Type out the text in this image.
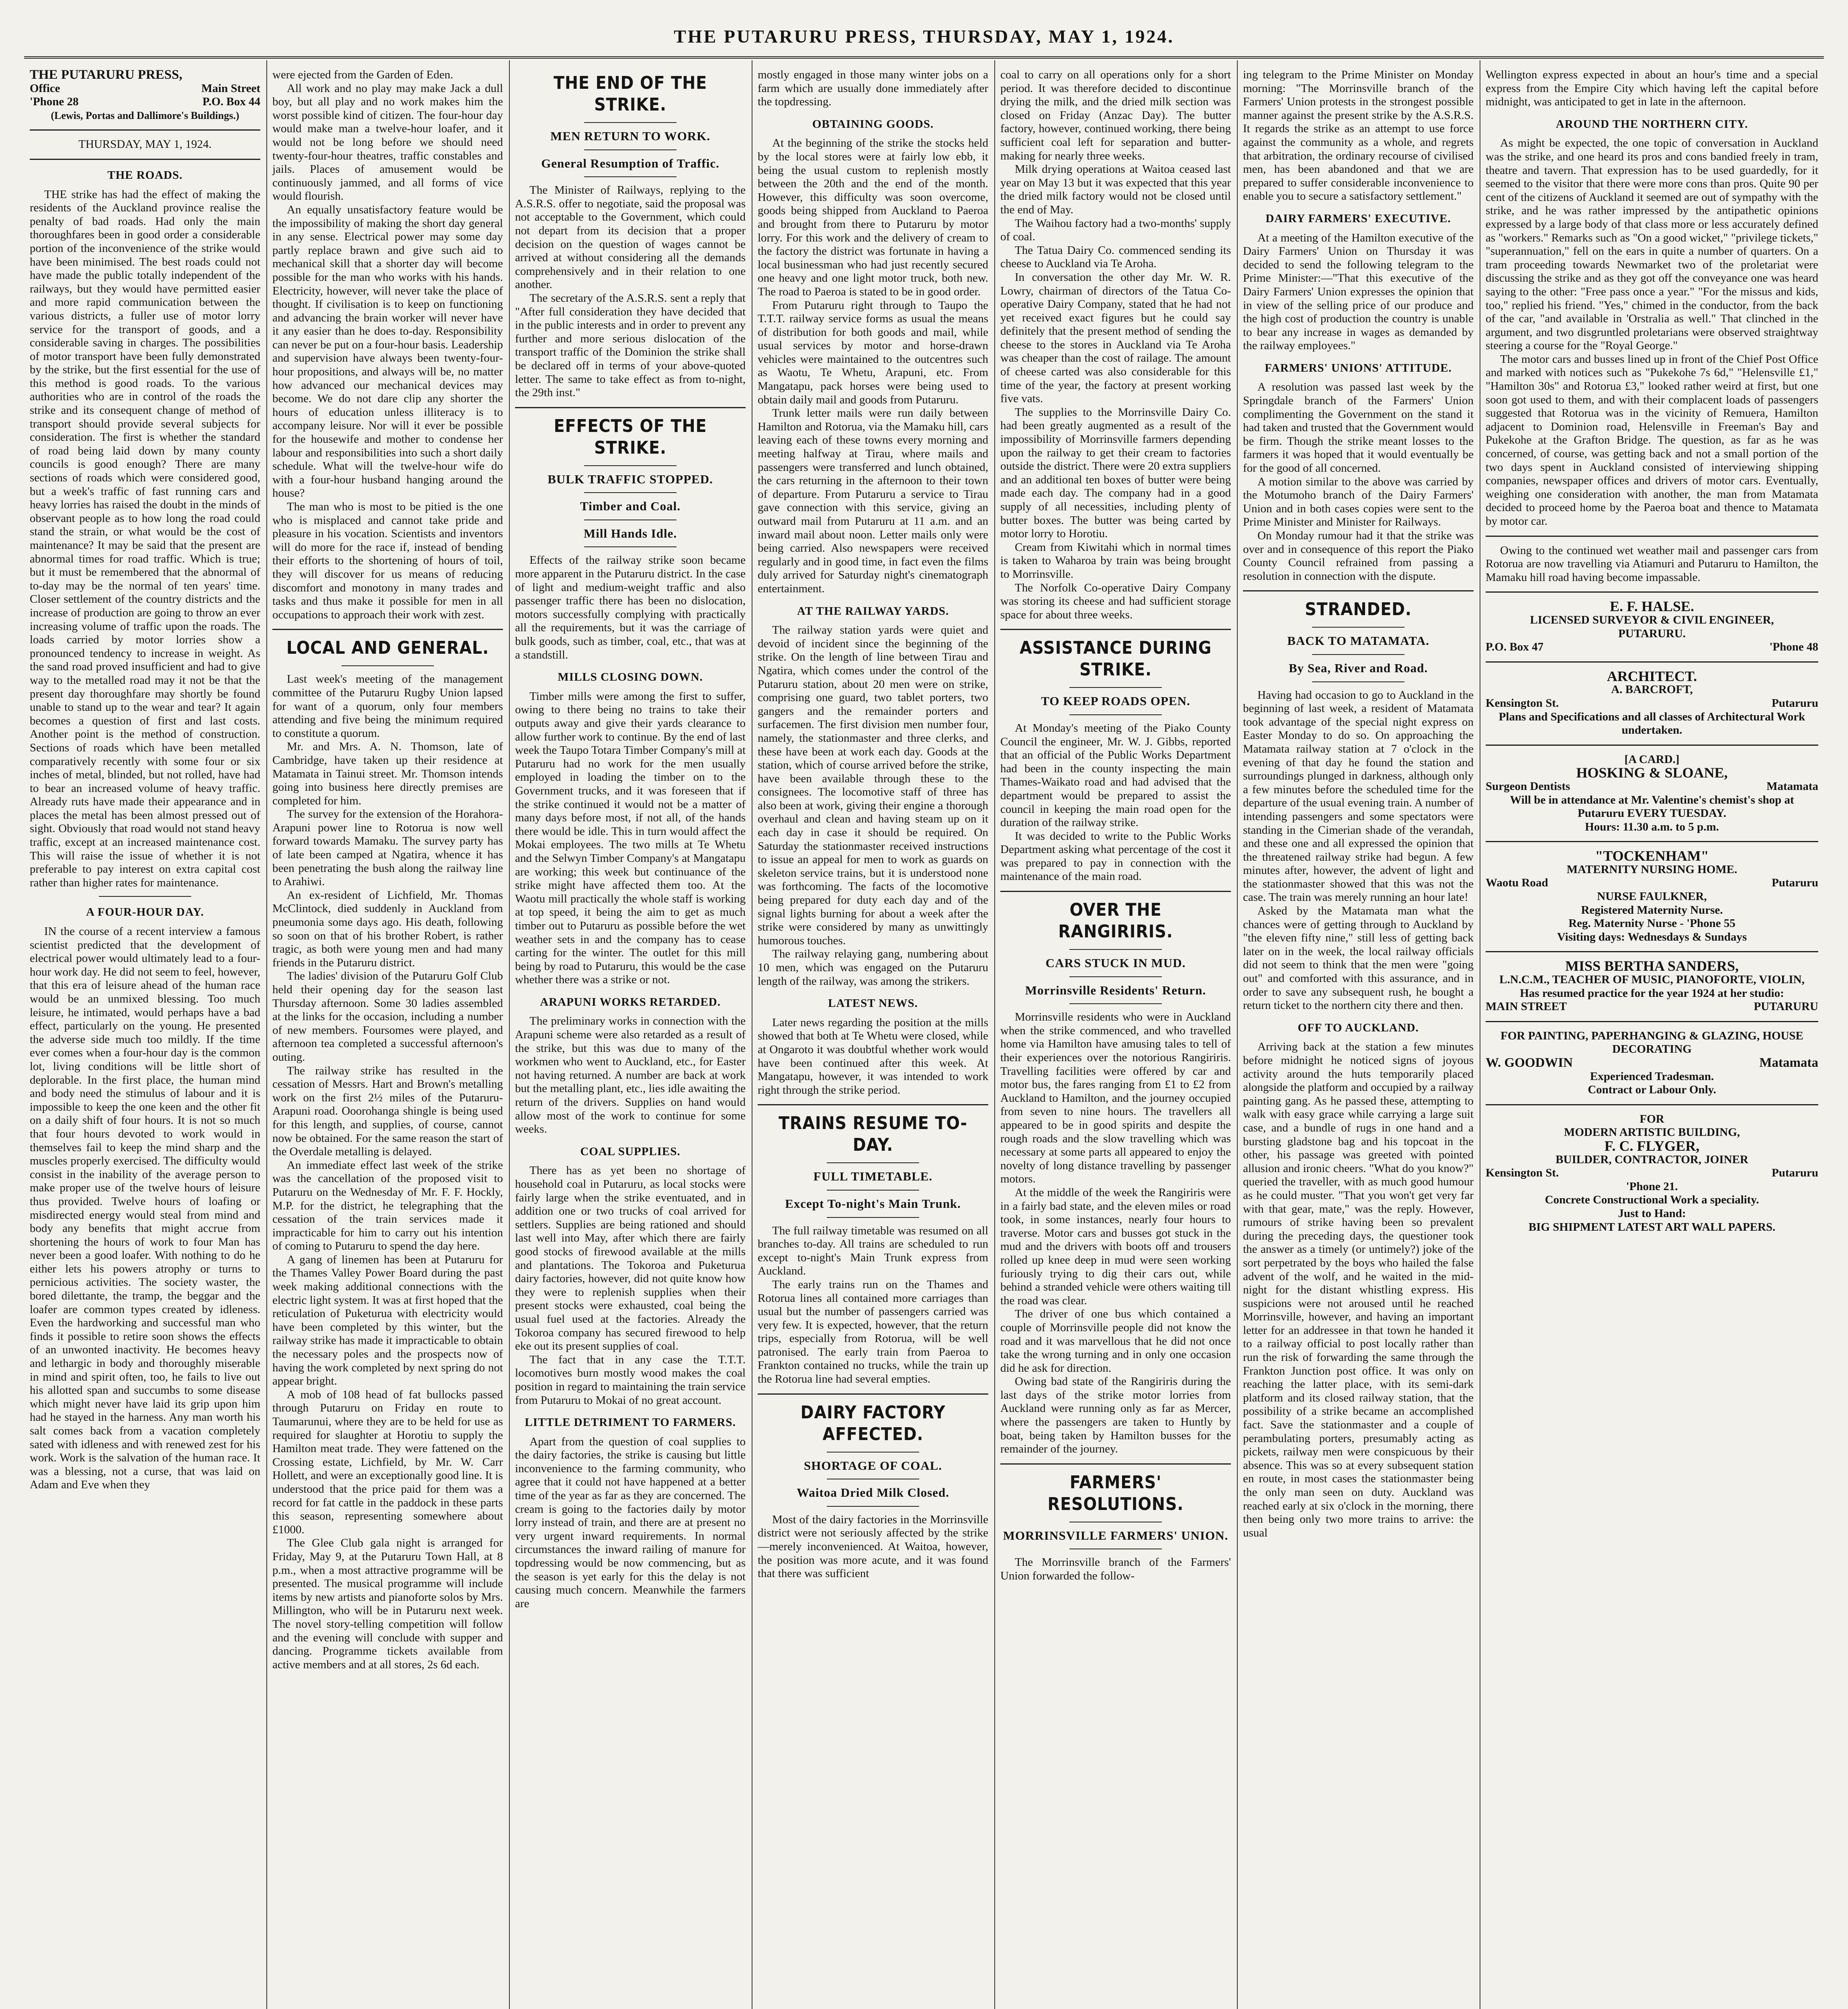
THE PUTARURU PRESS, THURSDAY, MAY 1, 1924.
THE PUTARURU PRESS,
Office	Main Street
'Phone 28	P.O. Box 44
(Lewis, Portas and Dallimore's Buildings.)
THURSDAY, MAY 1, 1924.
THE ROADS.

THE strike has had the effect of making the residents of the Auckland province realise the penalty of bad roads. Had only the main thoroughfares been in good order a considerable portion of the inconvenience of the strike would have been minimised. The best roads could not have made the public totally independent of the railways, but they would have permitted easier and more rapid communication between the various districts, a fuller use of motor lorry service for the transport of goods, and a considerable saving in charges. The possibilities of motor transport have been fully demonstrated by the strike, but the first essential for the use of this method is good roads. To the various authorities who are in control of the roads the strike and its consequent change of method of transport should provide several subjects for consideration. The first is whether the standard of road being laid down by many county councils is good enough? There are many sections of roads which were considered good, but a week's traffic of fast running cars and heavy lorries has raised the doubt in the minds of observant people as to how long the road could stand the strain, or what would be the cost of maintenance? It may be said that the present are abnormal times for road traffic. Which is true; but it must be remembered that the abnormal of to-day may be the normal of ten years' time. Closer settlement of the country districts and the increase of production are going to throw an ever increasing volume of traffic upon the roads. The loads carried by motor lorries show a pronounced tendency to increase in weight. As the sand road proved insufficient and had to give way to the metalled road may it not be that the present day thoroughfare may shortly be found unable to stand up to the wear and tear? It again becomes a question of first and last costs. Another point is the method of construction. Sections of roads which have been metalled comparatively recently with some four or six inches of metal, blinded, but not rolled, have had to bear an increased volume of heavy traffic. Already ruts have made their appearance and in places the metal has been almost pressed out of sight. Obviously that road would not stand heavy traffic, except at an increased maintenance cost. This will raise the issue of whether it is not preferable to pay interest on extra capital cost rather than higher rates for maintenance.

A FOUR-HOUR DAY.

IN the course of a recent interview a famous scientist predicted that the development of electrical power would ultimately lead to a four-hour work day. He did not seem to feel, however, that this era of leisure ahead of the human race would be an unmixed blessing. Too much leisure, he intimated, would perhaps have a bad effect, particularly on the young. He presented the adverse side much too mildly. If the time ever comes when a four-hour day is the common lot, living conditions will be little short of deplorable. In the first place, the human mind and body need the stimulus of labour and it is impossible to keep the one keen and the other fit on a daily shift of four hours. It is not so much that four hours devoted to work would in themselves fail to keep the mind sharp and the muscles properly exercised. The difficulty would consist in the inability of the average person to make proper use of the twelve hours of leisure thus provided. Twelve hours of loafing or misdirected energy would steal from mind and body any benefits that might accrue from shortening the hours of work to four Man has never been a good loafer. With nothing to do he either lets his powers atrophy or turns to pernicious activities. The society waster, the bored dilettante, the tramp, the beggar and the loafer are common types created by idleness. Even the hardworking and successful man who finds it possible to retire soon shows the effects of an unwonted inactivity. He becomes heavy and lethargic in body and thoroughly miserable in mind and spirit often, too, he fails to live out his allotted span and succumbs to some disease which might never have laid its grip upon him had he stayed in the harness. Any man worth his salt comes back from a vacation completely sated with idleness and with renewed zest for his work. Work is the salvation of the human race. It was a blessing, not a curse, that was laid on Adam and Eve when they

were ejected from the Garden of Eden.

All work and no play may make Jack a dull boy, but all play and no work makes him the worst possible kind of citizen. The four-hour day would make man a twelve-hour loafer, and it would not be long before we should need twenty-four-hour theatres, traffic constables and jails. Places of amusement would be continuously jammed, and all forms of vice would flourish.

An equally unsatisfactory feature would be the impossibility of making the short day general in any sense. Electrical power may some day partly replace brawn and give such aid to mechanical skill that a shorter day will become possible for the man who works with his hands. Electricity, however, will never take the place of thought. If civilisation is to keep on functioning and advancing the brain worker will never have it any easier than he does to-day. Responsibility can never be put on a four-hour basis. Leadership and supervision have always been twenty-four-hour propositions, and always will be, no matter how advanced our mechanical devices may become. We do not dare clip any shorter the hours of education unless illiteracy is to accompany leisure. Nor will it ever be possible for the housewife and mother to condense her labour and responsibilities into such a short daily schedule. What will the twelve-hour wife do with a four-hour husband hanging around the house?

The man who is most to be pitied is the one who is misplaced and cannot take pride and pleasure in his vocation. Scientists and inventors will do more for the race if, instead of bending their efforts to the shortening of hours of toil, they will discover for us means of reducing discomfort and monotony in many trades and tasks and thus make it possible for men in all occupations to approach their work with zest.

LOCAL AND GENERAL.

Last week's meeting of the management committee of the Putaruru Rugby Union lapsed for want of a quorum, only four members attending and five being the minimum required to constitute a quorum.

Mr. and Mrs. A. N. Thomson, late of Cambridge, have taken up their residence at Matamata in Tainui street. Mr. Thomson intends going into business here directly premises are completed for him.

The survey for the extension of the Horahora-Arapuni power line to Rotorua is now well forward towards Mamaku. The survey party has of late been camped at Ngatira, whence it has been penetrating the bush along the railway line to Arahiwi.

An ex-resident of Lichfield, Mr. Thomas McClintock, died suddenly in Auckland from pneumonia some days ago. His death, following so soon on that of his brother Robert, is rather tragic, as both were young men and had many friends in the Putaruru district.

The ladies' division of the Putaruru Golf Club held their opening day for the season last Thursday afternoon. Some 30 ladies assembled at the links for the occasion, including a number of new members. Foursomes were played, and afternoon tea completed a successful afternoon's outing.

The railway strike has resulted in the cessation of Messrs. Hart and Brown's metalling work on the first 2½ miles of the Putaruru-Arapuni road. Ooorohanga shingle is being used for this length, and supplies, of course, cannot now be obtained. For the same reason the start of the Overdale metalling is delayed.

An immediate effect last week of the strike was the cancellation of the proposed visit to Putaruru on the Wednesday of Mr. F. F. Hockly, M.P. for the district, he telegraphing that the cessation of the train services made it impracticable for him to carry out his intention of coming to Putaruru to spend the day here.

A gang of linemen has been at Putaruru for the Thames Valley Power Board during the past week making additional connections with the electric light system. It was at first hoped that the reticulation of Puketurua with electricity would have been completed by this winter, but the railway strike has made it impracticable to obtain the necessary poles and the prospects now of having the work completed by next spring do not appear bright.

A mob of 108 head of fat bullocks passed through Putaruru on Friday en route to Taumarunui, where they are to be held for use as required for slaughter at Horotiu to supply the Hamilton meat trade. They were fattened on the Crossing estate, Lichfield, by Mr. W. Carr Hollett, and were an exceptionally good line. It is understood that the price paid for them was a record for fat cattle in the paddock in these parts this season, representing somewhere about £1000.

The Glee Club gala night is arranged for Friday, May 9, at the Putaruru Town Hall, at 8 p.m., when a most attractive programme will be presented. The musical programme will include items by new artists and pianoforte solos by Mrs. Millington, who will be in Putaruru next week. The novel story-telling competition will follow and the evening will conclude with supper and dancing. Programme tickets available from active members and at all stores, 2s 6d each.

THE END OF THE STRIKE.
MEN RETURN TO WORK.
General Resumption of Traffic.

The Minister of Railways, replying to the A.S.R.S. offer to negotiate, said the proposal was not acceptable to the Government, which could not depart from its decision that a proper decision on the question of wages cannot be arrived at without considering all the demands comprehensively and in their relation to one another.

The secretary of the A.S.R.S. sent a reply that "After full consideration they have decided that in the public interests and in order to prevent any further and more serious dislocation of the transport traffic of the Dominion the strike shall be declared off in terms of your above-quoted letter. The same to take effect as from to-night, the 29th inst."

EFFECTS OF THE STRIKE.
BULK TRAFFIC STOPPED.
Timber and Coal.
Mill Hands Idle.

Effects of the railway strike soon became more apparent in the Putaruru district. In the case of light and medium-weight traffic and also passenger traffic there has been no dislocation, motors successfully complying with practically all the requirements, but it was the carriage of bulk goods, such as timber, coal, etc., that was at a standstill.

MILLS CLOSING DOWN.

Timber mills were among the first to suffer, owing to there being no trains to take their outputs away and give their yards clearance to allow further work to continue. By the end of last week the Taupo Totara Timber Company's mill at Putaruru had no work for the men usually employed in loading the timber on to the Government trucks, and it was foreseen that if the strike continued it would not be a matter of many days before most, if not all, of the hands there would be idle. This in turn would affect the Mokai employees. The two mills at Te Whetu and the Selwyn Timber Company's at Mangatapu are working; this week but continuance of the strike might have affected them too. At the Waotu mill practically the whole staff is working at top speed, it being the aim to get as much timber out to Putaruru as possible before the wet weather sets in and the company has to cease carting for the winter. The outlet for this mill being by road to Putaruru, this would be the case whether there was a strike or not.

ARAPUNI WORKS RETARDED.

The preliminary works in connection with the Arapuni scheme were also retarded as a result of the strike, but this was due to many of the workmen who went to Auckland, etc., for Easter not having returned. A number are back at work but the metalling plant, etc., lies idle awaiting the return of the drivers. Supplies on hand would allow most of the work to continue for some weeks.

COAL SUPPLIES.

There has as yet been no shortage of household coal in Putaruru, as local stocks were fairly large when the strike eventuated, and in addition one or two trucks of coal arrived for settlers. Supplies are being rationed and should last well into May, after which there are fairly good stocks of firewood available at the mills and plantations. The Tokoroa and Puketurua dairy factories, however, did not quite know how they were to replenish supplies when their present stocks were exhausted, coal being the usual fuel used at the factories. Already the Tokoroa company has secured firewood to help eke out its present supplies of coal.

The fact that in any case the T.T.T. locomotives burn mostly wood makes the coal position in regard to maintaining the train service from Putaruru to Mokai of no great account.

LITTLE DETRIMENT TO FARMERS.

Apart from the question of coal supplies to the dairy factories, the strike is causing but little inconvenience to the farming community, who agree that it could not have happened at a better time of the year as far as they are concerned. The cream is going to the factories daily by motor lorry instead of train, and there are at present no very urgent inward requirements. In normal circumstances the inward railing of manure for topdressing would be now commencing, but as the season is yet early for this the delay is not causing much concern. Meanwhile the farmers are

mostly engaged in those many winter jobs on a farm which are usually done immediately after the topdressing.

OBTAINING GOODS.

At the beginning of the strike the stocks held by the local stores were at fairly low ebb, it being the usual custom to replenish mostly between the 20th and the end of the month. However, this difficulty was soon overcome, goods being shipped from Auckland to Paeroa and brought from there to Putaruru by motor lorry. For this work and the delivery of cream to the factory the district was fortunate in having a local businessman who had just recently secured one heavy and one light motor truck, both new. The road to Paeroa is stated to be in good order.

From Putaruru right through to Taupo the T.T.T. railway service forms as usual the means of distribution for both goods and mail, while usual services by motor and horse-drawn vehicles were maintained to the outcentres such as Waotu, Te Whetu, Arapuni, etc. From Mangatapu, pack horses were being used to obtain daily mail and goods from Putaruru.

Trunk letter mails were run daily between Hamilton and Rotorua, via the Mamaku hill, cars leaving each of these towns every morning and meeting halfway at Tirau, where mails and passengers were transferred and lunch obtained, the cars returning in the afternoon to their town of departure. From Putaruru a service to Tirau gave connection with this service, giving an outward mail from Putaruru at 11 a.m. and an inward mail about noon. Letter mails only were being carried. Also newspapers were received regularly and in good time, in fact even the films duly arrived for Saturday night's cinematograph entertainment.

AT THE RAILWAY YARDS.

The railway station yards were quiet and devoid of incident since the beginning of the strike. On the length of line between Tirau and Ngatira, which comes under the control of the Putaruru station, about 20 men were on strike, comprising one guard, two tablet porters, two gangers and the remainder porters and surfacemen. The first division men number four, namely, the stationmaster and three clerks, and these have been at work each day. Goods at the station, which of course arrived before the strike, have been available through these to the consignees. The locomotive staff of three has also been at work, giving their engine a thorough overhaul and clean and having steam up on it each day in case it should be required. On Saturday the stationmaster received instructions to issue an appeal for men to work as guards on skeleton service trains, but it is understood none was forthcoming. The facts of the locomotive being prepared for duty each day and of the signal lights burning for about a week after the strike were considered by many as unwittingly humorous touches.

The railway relaying gang, numbering about 10 men, which was engaged on the Putaruru length of the railway, was among the strikers.

LATEST NEWS.

Later news regarding the position at the mills showed that both at Te Whetu were closed, while at Ongaroto it was doubtful whether work would have been continued after this week. At Mangatapu, however, it was intended to work right through the strike period.

TRAINS RESUME TO-DAY.
FULL TIMETABLE.
Except To-night's Main Trunk.

The full railway timetable was resumed on all branches to-day. All trains are scheduled to run except to-night's Main Trunk express from Auckland.

The early trains run on the Thames and Rotorua lines all contained more carriages than usual but the number of passengers carried was very few. It is expected, however, that the return trips, especially from Rotorua, will be well patronised. The early train from Paeroa to Frankton contained no trucks, while the train up the Rotorua line had several empties.

DAIRY FACTORY AFFECTED.
SHORTAGE OF COAL.
Waitoa Dried Milk Closed.

Most of the dairy factories in the Morrinsville district were not seriously affected by the strike—merely inconvenienced. At Waitoa, however, the position was more acute, and it was found that there was sufficient

coal to carry on all operations only for a short period. It was therefore decided to discontinue drying the milk, and the dried milk section was closed on Friday (Anzac Day). The butter factory, however, continued working, there being sufficient coal left for separation and butter-making for nearly three weeks.

Milk drying operations at Waitoa ceased last year on May 13 but it was expected that this year the dried milk factory would not be closed until the end of May.

The Waihou factory had a two-months' supply of coal.

The Tatua Dairy Co. commenced sending its cheese to Auckland via Te Aroha.

In conversation the other day Mr. W. R. Lowry, chairman of directors of the Tatua Co-operative Dairy Company, stated that he had not yet received exact figures but he could say definitely that the present method of sending the cheese to the stores in Auckland via Te Aroha was cheaper than the cost of railage. The amount of cheese carted was also considerable for this time of the year, the factory at present working five vats.

The supplies to the Morrinsville Dairy Co. had been greatly augmented as a result of the impossibility of Morrinsville farmers depending upon the railway to get their cream to factories outside the district. There were 20 extra suppliers and an additional ten boxes of butter were being made each day. The company had in a good supply of all necessities, including plenty of butter boxes. The butter was being carted by motor lorry to Horotiu.

Cream from Kiwitahi which in normal times is taken to Waharoa by train was being brought to Morrinsville.

The Norfolk Co-operative Dairy Company was storing its cheese and had sufficient storage space for about three weeks.

ASSISTANCE DURING STRIKE.
TO KEEP ROADS OPEN.

At Monday's meeting of the Piako County Council the engineer, Mr. W. J. Gibbs, reported that an official of the Public Works Department had been in the county inspecting the main Thames-Waikato road and had advised that the department would be prepared to assist the council in keeping the main road open for the duration of the railway strike.

It was decided to write to the Public Works Department asking what percentage of the cost it was prepared to pay in connection with the maintenance of the main road.

OVER THE RANGIRIRIS.
CARS STUCK IN MUD.
Morrinsville Residents' Return.

Morrinsville residents who were in Auckland when the strike commenced, and who travelled home via Hamilton have amusing tales to tell of their experiences over the notorious Rangiriris. Travelling facilities were offered by car and motor bus, the fares ranging from £1 to £2 from Auckland to Hamilton, and the journey occupied from seven to nine hours. The travellers all appeared to be in good spirits and despite the rough roads and the slow travelling which was necessary at some parts all appeared to enjoy the novelty of long distance travelling by passenger motors.

At the middle of the week the Rangiriris were in a fairly bad state, and the eleven miles or road took, in some instances, nearly four hours to traverse. Motor cars and busses got stuck in the mud and the drivers with boots off and trousers rolled up knee deep in mud were seen working furiously trying to dig their cars out, while behind a stranded vehicle were others waiting till the road was clear.

The driver of one bus which contained a couple of Morrinsville people did not know the road and it was marvellous that he did not once take the wrong turning and in only one occasion did he ask for direction.

Owing bad state of the Rangiriris during the last days of the strike motor lorries from Auckland were running only as far as Mercer, where the passengers are taken to Huntly by boat, being taken by Hamilton busses for the remainder of the journey.

FARMERS' RESOLUTIONS.
MORRINSVILLE FARMERS' UNION.

The Morrinsville branch of the Farmers' Union forwarded the follow-

ing telegram to the Prime Minister on Monday morning: "The Morrinsville branch of the Farmers' Union protests in the strongest possible manner against the present strike by the A.S.R.S. It regards the strike as an attempt to use force against the community as a whole, and regrets that arbitration, the ordinary recourse of civilised men, has been abandoned and that we are prepared to suffer considerable inconvenience to enable you to secure a satisfactory settlement."

DAIRY FARMERS' EXECUTIVE.

At a meeting of the Hamilton executive of the Dairy Farmers' Union on Thursday it was decided to send the following telegram to the Prime Minister:—"That this executive of the Dairy Farmers' Union expresses the opinion that in view of the selling price of our produce and the high cost of production the country is unable to bear any increase in wages as demanded by the railway employees."

FARMERS' UNIONS' ATTITUDE.

A resolution was passed last week by the Springdale branch of the Farmers' Union complimenting the Government on the stand it had taken and trusted that the Government would be firm. Though the strike meant losses to the farmers it was hoped that it would eventually be for the good of all concerned.

A motion similar to the above was carried by the Motumoho branch of the Dairy Farmers' Union and in both cases copies were sent to the Prime Minister and Minister for Railways.

On Monday rumour had it that the strike was over and in consequence of this report the Piako County Council refrained from passing a resolution in connection with the dispute.

STRANDED.
BACK TO MATAMATA.
By Sea, River and Road.

Having had occasion to go to Auckland in the beginning of last week, a resident of Matamata took advantage of the special night express on Easter Monday to do so. On approaching the Matamata railway station at 7 o'clock in the evening of that day he found the station and surroundings plunged in darkness, although only a few minutes before the scheduled time for the departure of the usual evening train. A number of intending passengers and some spectators were standing in the Cimerian shade of the verandah, and these one and all expressed the opinion that the threatened railway strike had begun. A few minutes after, however, the advent of light and the stationmaster showed that this was not the case. The train was merely running an hour late!

Asked by the Matamata man what the chances were of getting through to Auckland by "the eleven fifty nine," still less of getting back later on in the week, the local railway officials did not seem to think that the men were "going out" and comforted with this assurance, and in order to save any subsequent rush, he bought a return ticket to the northern city there and then.

OFF TO AUCKLAND.

Arriving back at the station a few minutes before midnight he noticed signs of joyous activity around the huts temporarily placed alongside the platform and occupied by a railway painting gang. As he passed these, attempting to walk with easy grace while carrying a large suit case, and a bundle of rugs in one hand and a bursting gladstone bag and his topcoat in the other, his passage was greeted with pointed allusion and ironic cheers. "What do you know?" queried the traveller, with as much good humour as he could muster. "That you won't get very far with that gear, mate," was the reply. However, rumours of strike having been so prevalent during the preceding days, the questioner took the answer as a timely (or untimely?) joke of the sort perpetrated by the boys who hailed the false advent of the wolf, and he waited in the mid-night for the distant whistling express. His suspicions were not aroused until he reached Morrinsville, however, and having an important letter for an addressee in that town he handed it to a railway official to post locally rather than run the risk of forwarding the same through the Frankton Junction post office. It was only on reaching the latter place, with its semi-dark platform and its closed railway station, that the possibility of a strike became an accomplished fact. Save the stationmaster and a couple of perambulating porters, presumably acting as pickets, railway men were conspicuous by their absence. This was so at every subsequent station en route, in most cases the stationmaster being the only man seen on duty. Auckland was reached early at six o'clock in the morning, there then being only two more trains to arrive: the usual

Wellington express expected in about an hour's time and a special express from the Empire City which having left the capital before midnight, was anticipated to get in late in the afternoon.

AROUND THE NORTHERN CITY.

As might be expected, the one topic of conversation in Auckland was the strike, and one heard its pros and cons bandied freely in tram, theatre and tavern. That expression has to be used guardedly, for it seemed to the visitor that there were more cons than pros. Quite 90 per cent of the citizens of Auckland it seemed are out of sympathy with the strike, and he was rather impressed by the antipathetic opinions expressed by a large body of that class more or less accurately defined as "workers." Remarks such as "On a good wicket," "privilege tickets," "superannuation," fell on the ears in quite a number of quarters. On a tram proceeding towards Newmarket two of the proletariat were discussing the strike and as they got off the conveyance one was heard saying to the other: "Free pass once a year." "For the missus and kids, too," replied his friend. "Yes," chimed in the conductor, from the back of the car, "and available in 'Orstralia as well." That clinched in the argument, and two disgruntled proletarians were observed straightway steering a course for the "Royal George."

The motor cars and busses lined up in front of the Chief Post Office and marked with notices such as "Pukekohe 7s 6d," "Helensville £1," "Hamilton 30s" and Rotorua £3," looked rather weird at first, but one soon got used to them, and with their complacent loads of passengers suggested that Rotorua was in the vicinity of Remuera, Hamilton adjacent to Dominion road, Helensville in Freeman's Bay and Pukekohe at the Grafton Bridge. The question, as far as he was concerned, of course, was getting back and not a small portion of the two days spent in Auckland consisted of interviewing shipping companies, newspaper offices and drivers of motor cars. Eventually, weighing one consideration with another, the man from Matamata decided to proceed home by the Paeroa boat and thence to Matamata by motor car.

Owing to the continued wet weather mail and passenger cars from Rotorua are now travelling via Atiamuri and Putaruru to Hamilton, the Mamaku hill road having become impassable.

E. F. HALSE.
LICENSED SURVEYOR & CIVIL ENGINEER,
PUTARURU.
P.O. Box 47	'Phone 48
ARCHITECT.
A. BARCROFT,
Kensington St.	Putaruru
Plans and Specifications and all classes of Architectural Work undertaken.
[A CARD.]
HOSKING & SLOANE,
Surgeon Dentists	Matamata
Will be in attendance at Mr. Valentine's chemist's shop at Putaruru EVERY TUESDAY.
Hours: 11.30 a.m. to 5 p.m.
"TOCKENHAM"
MATERNITY NURSING HOME.
Waotu Road	Putaruru
NURSE FAULKNER,
Registered Maternity Nurse.
Reg. Maternity Nurse - 'Phone 55
Visiting days: Wednesdays & Sundays
MISS BERTHA SANDERS,
L.N.C.M., TEACHER OF MUSIC, PIANOFORTE, VIOLIN,
Has resumed practice for the year 1924 at her studio:
MAIN STREET	PUTARURU
FOR PAINTING, PAPERHANGING & GLAZING, HOUSE DECORATING
W. GOODWIN	Matamata
Experienced Tradesman.
Contract or Labour Only.
FOR
MODERN ARTISTIC BUILDING,
F. C. FLYGER,
BUILDER, CONTRACTOR, JOINER
Kensington St.	Putaruru
'Phone 21.
Concrete Constructional Work a speciality.
Just to Hand:
BIG SHIPMENT LATEST ART WALL PAPERS.
